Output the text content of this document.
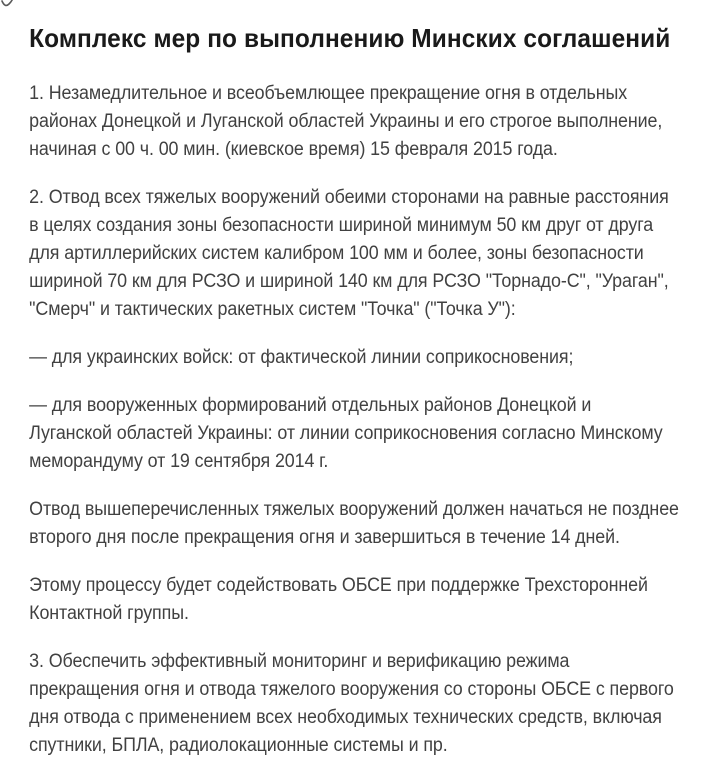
Комплекс мер по выполнению Минских соглашений
1. Незамедлительное и всеобъемлющее прекращение огня в отдельных
районах Донецкой и Луганской областей Украины и его строгое выполнение,
начиная с 00 ч. 00 мин. (киевское время) 15 февраля 2015 года.
2. Отвод всех тяжелых вооружений обеими сторонами на равные расстояния
в целях создания зоны безопасности шириной минимум 50 км друг от друга
для артиллерийских систем калибром 100 мм и более, зоны безопасности
шириной 70 км для РСЗО и шириной 140 км для РСЗО "Торнадо-С", "Ураган",
"Смерч" и тактических ракетных систем "Точка" ("Точка У"):
— для украинских войск: от фактической линии соприкосновения;
— для вооруженных формирований отдельных районов Донецкой и
Луганской областей Украины: от линии соприкосновения согласно Минскому
меморандуму от 19 сентября 2014 г.
Отвод вышеперечисленных тяжелых вооружений должен начаться не позднее
второго дня после прекращения огня и завершиться в течение 14 дней.
Этому процессу будет содействовать ОБСЕ при поддержке Трехсторонней
Контактной группы.
3. Обеспечить эффективный мониторинг и верификацию режима
прекращения огня и отвода тяжелого вооружения со стороны ОБСЕ с первого
дня отвода с применением всех необходимых технических средств, включая
спутники, БПЛА, радиолокационные системы и пр.
